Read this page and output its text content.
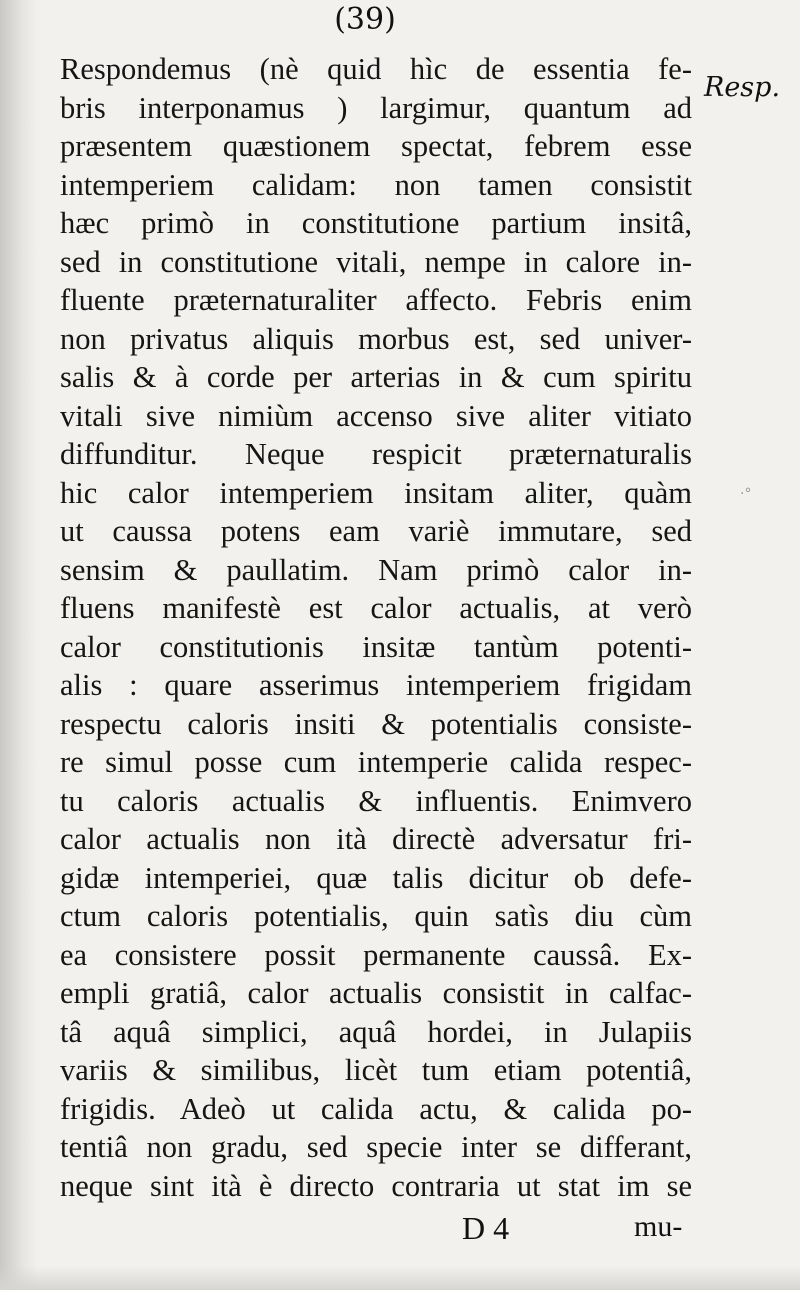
(39)
Resp.
Respondemus (nè quid hìc de essentia fe-
bris interponamus ) largimur, quantum ad
præsentem quæstionem spectat, febrem esse
intemperiem calidam: non tamen consistit
hæc primò in constitutione partium insitâ,
sed in constitutione vitali, nempe in calore in-
fluente præternaturaliter affecto. Febris enim
non privatus aliquis morbus est, sed univer-
salis & à corde per arterias in & cum spiritu
vitali sive nimiùm accenso sive aliter vitiato
diffunditur. Neque respicit præternaturalis
hic calor intemperiem insitam aliter, quàm
ut caussa potens eam variè immutare, sed
sensim & paullatim. Nam primò calor in-
fluens manifestè est calor actualis, at verò
calor constitutionis insitæ tantùm potenti-
alis : quare asserimus intemperiem frigidam
respectu caloris insiti & potentialis consiste-
re simul posse cum intemperie calida respec-
tu caloris actualis & influentis. Enimvero
calor actualis non ità directè adversatur fri-
gidæ intemperiei, quæ talis dicitur ob defe-
ctum caloris potentialis, quin satìs diu cùm
ea consistere possit permanente caussâ. Ex-
empli gratiâ, calor actualis consistit in calfac-
tâ aquâ simplici, aquâ hordei, in Julapiis
variis & similibus, licèt tum etiam potentiâ,
frigidis. Adeò ut calida actu, & calida po-
tentiâ non gradu, sed specie inter se differant,
neque sint ità è directo contraria ut stat im se
·°
D 4	mu-
